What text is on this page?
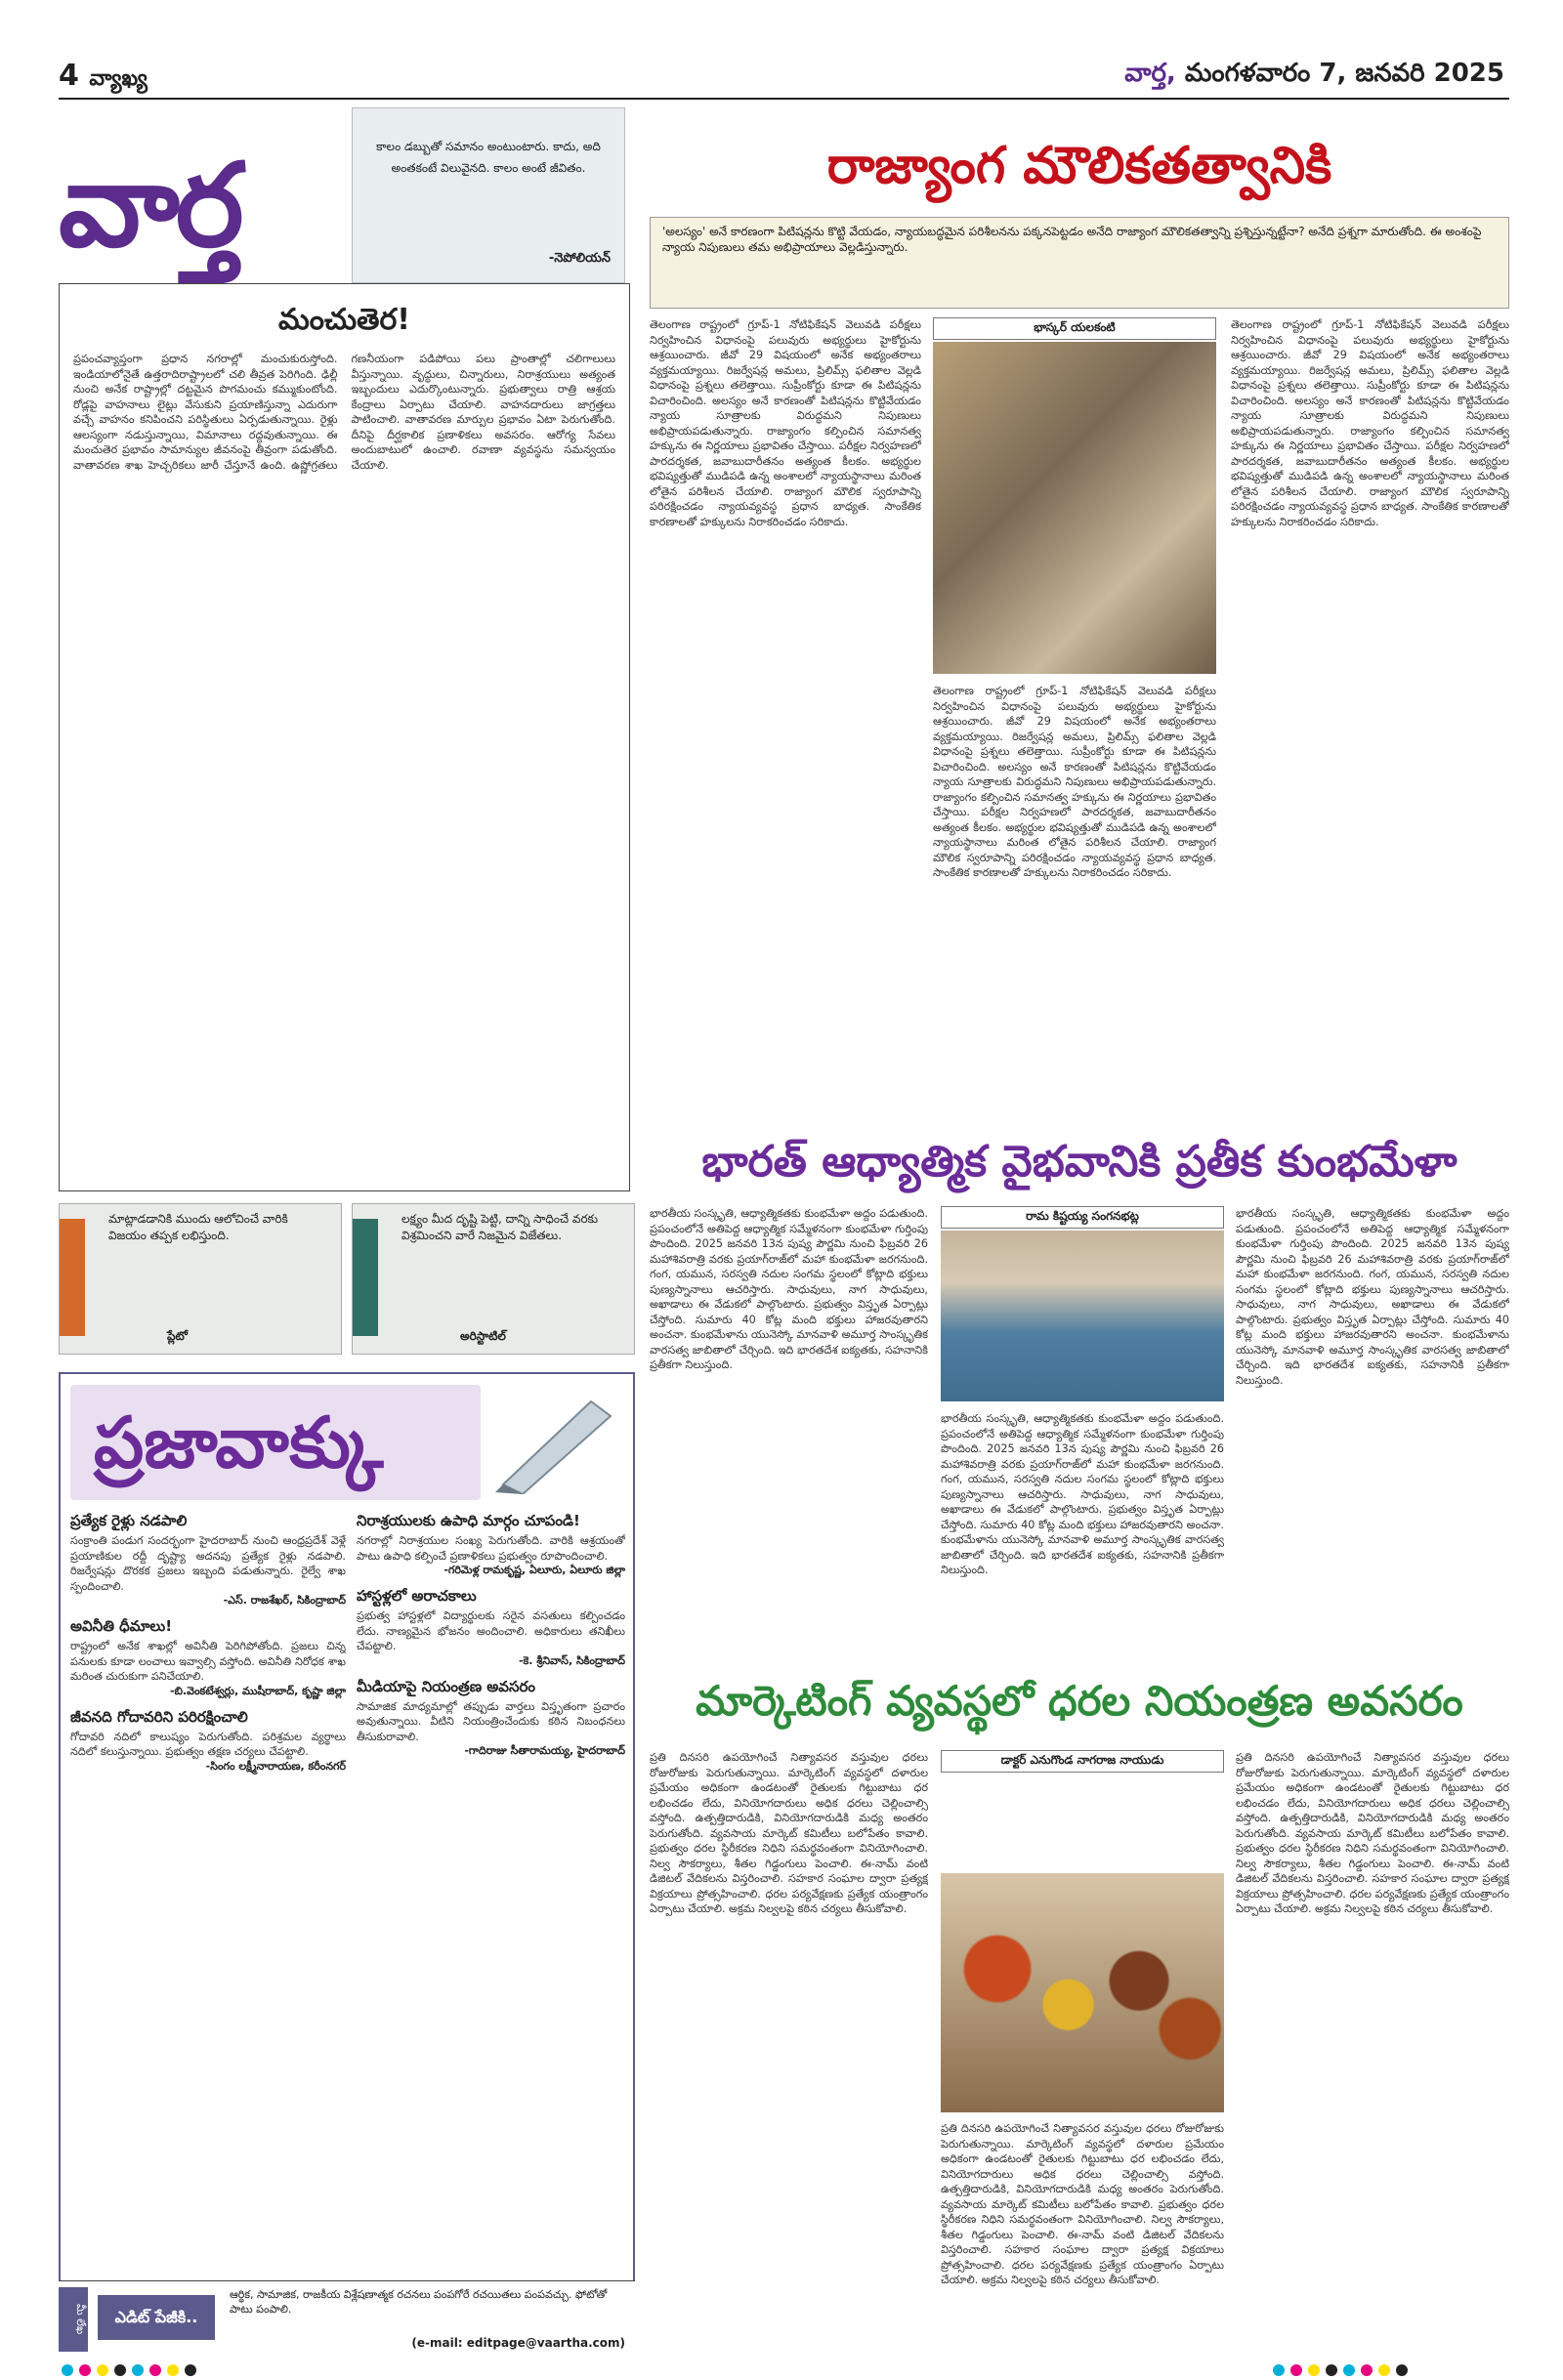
4 వ్యాఖ్య	వార్త, మంగళవారం 7, జనవరి 2025
వార్త	కాలం డబ్బుతో సమానం అంటుంటారు. కాదు, అది అంతకంటే విలువైనది. కాలం అంటే జీవితం.
-నెపోలియన్
రాజ్యాంగ మౌలికతత్వానికి
'అలస్యం' అనే కారణంగా పిటిషన్లను కొట్టి వేయడం, న్యాయబద్ధమైన పరిశీలనను పక్కనపెట్టడం అనేది రాజ్యాంగ మౌలికతత్వాన్ని ప్రశ్నిస్తున్నట్టేనా? అనేది ప్రశ్నగా మారుతోంది. ఈ అంశంపై న్యాయ నిపుణులు తమ అభిప్రాయాలు వెల్లడిస్తున్నారు.
మంచుతెర!
ప్రపంచవ్యాప్తంగా ప్రధాన నగరాల్లో మంచుకురుస్తోంది. ఇండియాలోనైతే ఉత్తరాదిరాష్ట్రాలలో చలి తీవ్రత పెరిగింది. ఢిల్లీ నుంచి అనేక రాష్ట్రాల్లో దట్టమైన పొగమంచు కమ్ముకుంటోంది. రోడ్లపై వాహనాలు లైట్లు వేసుకుని ప్రయాణిస్తున్నా ఎదురుగా వచ్చే వాహనం కనిపించని పరిస్థితులు ఏర్పడుతున్నాయి. రైళ్లు ఆలస్యంగా నడుస్తున్నాయి, విమానాలు రద్దవుతున్నాయి. ఈ మంచుతెర ప్రభావం సామాన్యుల జీవనంపై తీవ్రంగా పడుతోంది. వాతావరణ శాఖ హెచ్చరికలు జారీ చేస్తూనే ఉంది. ఉష్ణోగ్రతలు గణనీయంగా పడిపోయి పలు ప్రాంతాల్లో చలిగాలులు వీస్తున్నాయి. వృద్ధులు, చిన్నారులు, నిరాశ్రయులు అత్యంత ఇబ్బందులు ఎదుర్కొంటున్నారు. ప్రభుత్వాలు రాత్రి ఆశ్రయ కేంద్రాలు ఏర్పాటు చేయాలి. వాహనదారులు జాగ్రత్తలు పాటించాలి. వాతావరణ మార్పుల ప్రభావం ఏటా పెరుగుతోంది. దీనిపై దీర్ఘకాలిక ప్రణాళికలు అవసరం. ఆరోగ్య సేవలు అందుబాటులో ఉంచాలి. రవాణా వ్యవస్థను సమన్వయం చేయాలి.
తెలంగాణ రాష్ట్రంలో గ్రూప్-1 నోటిఫికేషన్ వెలువడి పరీక్షలు నిర్వహించిన విధానంపై పలువురు అభ్యర్థులు హైకోర్టును ఆశ్రయించారు. జీవో 29 విషయంలో అనేక అభ్యంతరాలు వ్యక్తమయ్యాయి. రిజర్వేషన్ల అమలు, ప్రిలిమ్స్ ఫలితాల వెల్లడి విధానంపై ప్రశ్నలు తలెత్తాయి. సుప్రీంకోర్టు కూడా ఈ పిటిషన్లను విచారించింది. అలస్యం అనే కారణంతో పిటిషన్లను కొట్టివేయడం న్యాయ సూత్రాలకు విరుద్ధమని నిపుణులు అభిప్రాయపడుతున్నారు. రాజ్యాంగం కల్పించిన సమానత్వ హక్కును ఈ నిర్ణయాలు ప్రభావితం చేస్తాయి. పరీక్షల నిర్వహణలో పారదర్శకత, జవాబుదారీతనం అత్యంత కీలకం. అభ్యర్థుల భవిష్యత్తుతో ముడిపడి ఉన్న అంశాలలో న్యాయస్థానాలు మరింత లోతైన పరిశీలన చేయాలి. రాజ్యాంగ మౌలిక స్వరూపాన్ని పరిరక్షించడం న్యాయవ్యవస్థ ప్రధాన బాధ్యత. సాంకేతిక కారణాలతో హక్కులను నిరాకరించడం సరికాదు.
భాస్కర్ యలకంటి
తెలంగాణ రాష్ట్రంలో గ్రూప్-1 నోటిఫికేషన్ వెలువడి పరీక్షలు నిర్వహించిన విధానంపై పలువురు అభ్యర్థులు హైకోర్టును ఆశ్రయించారు. జీవో 29 విషయంలో అనేక అభ్యంతరాలు వ్యక్తమయ్యాయి. రిజర్వేషన్ల అమలు, ప్రిలిమ్స్ ఫలితాల వెల్లడి విధానంపై ప్రశ్నలు తలెత్తాయి. సుప్రీంకోర్టు కూడా ఈ పిటిషన్లను విచారించింది. అలస్యం అనే కారణంతో పిటిషన్లను కొట్టివేయడం న్యాయ సూత్రాలకు విరుద్ధమని నిపుణులు అభిప్రాయపడుతున్నారు. రాజ్యాంగం కల్పించిన సమానత్వ హక్కును ఈ నిర్ణయాలు ప్రభావితం చేస్తాయి. పరీక్షల నిర్వహణలో పారదర్శకత, జవాబుదారీతనం అత్యంత కీలకం. అభ్యర్థుల భవిష్యత్తుతో ముడిపడి ఉన్న అంశాలలో న్యాయస్థానాలు మరింత లోతైన పరిశీలన చేయాలి. రాజ్యాంగ మౌలిక స్వరూపాన్ని పరిరక్షించడం న్యాయవ్యవస్థ ప్రధాన బాధ్యత. సాంకేతిక కారణాలతో హక్కులను నిరాకరించడం సరికాదు.
తెలంగాణ రాష్ట్రంలో గ్రూప్-1 నోటిఫికేషన్ వెలువడి పరీక్షలు నిర్వహించిన విధానంపై పలువురు అభ్యర్థులు హైకోర్టును ఆశ్రయించారు. జీవో 29 విషయంలో అనేక అభ్యంతరాలు వ్యక్తమయ్యాయి. రిజర్వేషన్ల అమలు, ప్రిలిమ్స్ ఫలితాల వెల్లడి విధానంపై ప్రశ్నలు తలెత్తాయి. సుప్రీంకోర్టు కూడా ఈ పిటిషన్లను విచారించింది. అలస్యం అనే కారణంతో పిటిషన్లను కొట్టివేయడం న్యాయ సూత్రాలకు విరుద్ధమని నిపుణులు అభిప్రాయపడుతున్నారు. రాజ్యాంగం కల్పించిన సమానత్వ హక్కును ఈ నిర్ణయాలు ప్రభావితం చేస్తాయి. పరీక్షల నిర్వహణలో పారదర్శకత, జవాబుదారీతనం అత్యంత కీలకం. అభ్యర్థుల భవిష్యత్తుతో ముడిపడి ఉన్న అంశాలలో న్యాయస్థానాలు మరింత లోతైన పరిశీలన చేయాలి. రాజ్యాంగ మౌలిక స్వరూపాన్ని పరిరక్షించడం న్యాయవ్యవస్థ ప్రధాన బాధ్యత. సాంకేతిక కారణాలతో హక్కులను నిరాకరించడం సరికాదు.
భారత్ ఆధ్యాత్మిక వైభవానికి ప్రతీక కుంభమేళా
భారతీయ సంస్కృతి, ఆధ్యాత్మికతకు కుంభమేళా అద్దం పడుతుంది. ప్రపంచంలోనే అతిపెద్ద ఆధ్యాత్మిక సమ్మేళనంగా కుంభమేళా గుర్తింపు పొందింది. 2025 జనవరి 13న పుష్య పౌర్ణమి నుంచి ఫిబ్రవరి 26 మహాశివరాత్రి వరకు ప్రయాగ్‌రాజ్‌లో మహా కుంభమేళా జరగనుంది. గంగ, యమున, సరస్వతి నదుల సంగమ స్థలంలో కోట్లాది భక్తులు పుణ్యస్నానాలు ఆచరిస్తారు. సాధువులు, నాగ సాధువులు, అఖాడాలు ఈ వేడుకలో పాల్గొంటారు. ప్రభుత్వం విస్తృత ఏర్పాట్లు చేస్తోంది. సుమారు 40 కోట్ల మంది భక్తులు హాజరవుతారని అంచనా. కుంభమేళాను యునెస్కో మానవాళి అమూర్త సాంస్కృతిక వారసత్వ జాబితాలో చేర్చింది. ఇది భారతదేశ ఐక్యతకు, సహనానికి ప్రతీకగా నిలుస్తుంది.
రామ కిష్టయ్య సంగనభట్ల
భారతీయ సంస్కృతి, ఆధ్యాత్మికతకు కుంభమేళా అద్దం పడుతుంది. ప్రపంచంలోనే అతిపెద్ద ఆధ్యాత్మిక సమ్మేళనంగా కుంభమేళా గుర్తింపు పొందింది. 2025 జనవరి 13న పుష్య పౌర్ణమి నుంచి ఫిబ్రవరి 26 మహాశివరాత్రి వరకు ప్రయాగ్‌రాజ్‌లో మహా కుంభమేళా జరగనుంది. గంగ, యమున, సరస్వతి నదుల సంగమ స్థలంలో కోట్లాది భక్తులు పుణ్యస్నానాలు ఆచరిస్తారు. సాధువులు, నాగ సాధువులు, అఖాడాలు ఈ వేడుకలో పాల్గొంటారు. ప్రభుత్వం విస్తృత ఏర్పాట్లు చేస్తోంది. సుమారు 40 కోట్ల మంది భక్తులు హాజరవుతారని అంచనా. కుంభమేళాను యునెస్కో మానవాళి అమూర్త సాంస్కృతిక వారసత్వ జాబితాలో చేర్చింది. ఇది భారతదేశ ఐక్యతకు, సహనానికి ప్రతీకగా నిలుస్తుంది.
భారతీయ సంస్కృతి, ఆధ్యాత్మికతకు కుంభమేళా అద్దం పడుతుంది. ప్రపంచంలోనే అతిపెద్ద ఆధ్యాత్మిక సమ్మేళనంగా కుంభమేళా గుర్తింపు పొందింది. 2025 జనవరి 13న పుష్య పౌర్ణమి నుంచి ఫిబ్రవరి 26 మహాశివరాత్రి వరకు ప్రయాగ్‌రాజ్‌లో మహా కుంభమేళా జరగనుంది. గంగ, యమున, సరస్వతి నదుల సంగమ స్థలంలో కోట్లాది భక్తులు పుణ్యస్నానాలు ఆచరిస్తారు. సాధువులు, నాగ సాధువులు, అఖాడాలు ఈ వేడుకలో పాల్గొంటారు. ప్రభుత్వం విస్తృత ఏర్పాట్లు చేస్తోంది. సుమారు 40 కోట్ల మంది భక్తులు హాజరవుతారని అంచనా. కుంభమేళాను యునెస్కో మానవాళి అమూర్త సాంస్కృతిక వారసత్వ జాబితాలో చేర్చింది. ఇది భారతదేశ ఐక్యతకు, సహనానికి ప్రతీకగా నిలుస్తుంది.
మార్కెటింగ్ వ్యవస్థలో ధరల నియంత్రణ అవసరం
ప్రతి దినసరి ఉపయోగించే నిత్యావసర వస్తువుల ధరలు రోజురోజుకు పెరుగుతున్నాయి. మార్కెటింగ్ వ్యవస్థలో దళారుల ప్రమేయం అధికంగా ఉండటంతో రైతులకు గిట్టుబాటు ధర లభించడం లేదు, వినియోగదారులు అధిక ధరలు చెల్లించాల్సి వస్తోంది. ఉత్పత్తిదారుడికి, వినియోగదారుడికి మధ్య అంతరం పెరుగుతోంది. వ్యవసాయ మార్కెట్ కమిటీలు బలోపేతం కావాలి. ప్రభుత్వం ధరల స్థిరీకరణ నిధిని సమర్థవంతంగా వినియోగించాలి. నిల్వ సౌకర్యాలు, శీతల గిడ్డంగులు పెంచాలి. ఈ-నామ్ వంటి డిజిటల్ వేదికలను విస్తరించాలి. సహకార సంఘాల ద్వారా ప్రత్యక్ష విక్రయాలు ప్రోత్సహించాలి. ధరల పర్యవేక్షణకు ప్రత్యేక యంత్రాంగం ఏర్పాటు చేయాలి. అక్రమ నిల్వలపై కఠిన చర్యలు తీసుకోవాలి.
డాక్టర్ ఎనుగొండ నాగరాజ నాయుడు
ప్రతి దినసరి ఉపయోగించే నిత్యావసర వస్తువుల ధరలు రోజురోజుకు పెరుగుతున్నాయి. మార్కెటింగ్ వ్యవస్థలో దళారుల ప్రమేయం అధికంగా ఉండటంతో రైతులకు గిట్టుబాటు ధర లభించడం లేదు, వినియోగదారులు అధిక ధరలు చెల్లించాల్సి వస్తోంది. ఉత్పత్తిదారుడికి, వినియోగదారుడికి మధ్య అంతరం పెరుగుతోంది. వ్యవసాయ మార్కెట్ కమిటీలు బలోపేతం కావాలి. ప్రభుత్వం ధరల స్థిరీకరణ నిధిని సమర్థవంతంగా వినియోగించాలి. నిల్వ సౌకర్యాలు, శీతల గిడ్డంగులు పెంచాలి. ఈ-నామ్ వంటి డిజిటల్ వేదికలను విస్తరించాలి. సహకార సంఘాల ద్వారా ప్రత్యక్ష విక్రయాలు ప్రోత్సహించాలి. ధరల పర్యవేక్షణకు ప్రత్యేక యంత్రాంగం ఏర్పాటు చేయాలి. అక్రమ నిల్వలపై కఠిన చర్యలు తీసుకోవాలి.
ప్రతి దినసరి ఉపయోగించే నిత్యావసర వస్తువుల ధరలు రోజురోజుకు పెరుగుతున్నాయి. మార్కెటింగ్ వ్యవస్థలో దళారుల ప్రమేయం అధికంగా ఉండటంతో రైతులకు గిట్టుబాటు ధర లభించడం లేదు, వినియోగదారులు అధిక ధరలు చెల్లించాల్సి వస్తోంది. ఉత్పత్తిదారుడికి, వినియోగదారుడికి మధ్య అంతరం పెరుగుతోంది. వ్యవసాయ మార్కెట్ కమిటీలు బలోపేతం కావాలి. ప్రభుత్వం ధరల స్థిరీకరణ నిధిని సమర్థవంతంగా వినియోగించాలి. నిల్వ సౌకర్యాలు, శీతల గిడ్డంగులు పెంచాలి. ఈ-నామ్ వంటి డిజిటల్ వేదికలను విస్తరించాలి. సహకార సంఘాల ద్వారా ప్రత్యక్ష విక్రయాలు ప్రోత్సహించాలి. ధరల పర్యవేక్షణకు ప్రత్యేక యంత్రాంగం ఏర్పాటు చేయాలి. అక్రమ నిల్వలపై కఠిన చర్యలు తీసుకోవాలి.
మాట్లాడడానికి ముందు ఆలోచించే వారికి విజయం తప్పక లభిస్తుంది.
ప్లేటో
లక్ష్యం మీద దృష్టి పెట్టి, దాన్ని సాధించే వరకు విశ్రమించని వారే నిజమైన విజేతలు.
అరిస్టాటిల్
ప్రజావాక్కు
ప్రత్యేక రైళ్లు నడపాలి
సంక్రాంతి పండుగ సందర్భంగా హైదరాబాద్ నుంచి ఆంధ్రప్రదేశ్ వెళ్లే ప్రయాణికుల రద్దీ దృష్ట్యా అదనపు ప్రత్యేక రైళ్లు నడపాలి. రిజర్వేషన్లు దొరకక ప్రజలు ఇబ్బంది పడుతున్నారు. రైల్వే శాఖ స్పందించాలి.
-ఎస్. రాజశేఖర్, సికింద్రాబాద్
అవినీతి ధీమాలు!
రాష్ట్రంలో అనేక శాఖల్లో అవినీతి పెరిగిపోతోంది. ప్రజలు చిన్న పనులకు కూడా లంచాలు ఇవ్వాల్సి వస్తోంది. అవినీతి నిరోధక శాఖ మరింత చురుకుగా పనిచేయాలి.
-బి.వెంకటేశ్వర్లు, ముషీరాబాద్, కృష్ణా జిల్లా
జీవనది గోదావరిని పరిరక్షించాలి
గోదావరి నదిలో కాలుష్యం పెరుగుతోంది. పరిశ్రమల వ్యర్థాలు నదిలో కలుస్తున్నాయి. ప్రభుత్వం తక్షణ చర్యలు చేపట్టాలి.
-సింగం లక్ష్మీనారాయణ, కరీంనగర్
నిరాశ్రయులకు ఉపాధి మార్గం చూపండి!
నగరాల్లో నిరాశ్రయుల సంఖ్య పెరుగుతోంది. వారికి ఆశ్రయంతో పాటు ఉపాధి కల్పించే ప్రణాళికలు ప్రభుత్వం రూపొందించాలి.
-గరిమెళ్ల రామకృష్ణ, ఏలూరు, ఏలూరు జిల్లా
హాస్టళ్లలో అరాచకాలు
ప్రభుత్వ హాస్టళ్లలో విద్యార్థులకు సరైన వసతులు కల్పించడం లేదు. నాణ్యమైన భోజనం అందించాలి. అధికారులు తనిఖీలు చేపట్టాలి.
-కె. శ్రీనివాస్, సికింద్రాబాద్
మీడియాపై నియంత్రణ అవసరం
సామాజిక మాధ్యమాల్లో తప్పుడు వార్తలు విస్తృతంగా ప్రచారం అవుతున్నాయి. వీటిని నియంత్రించేందుకు కఠిన నిబంధనలు తీసుకురావాలి.
-గాదిరాజు సీతారామయ్య, హైదరాబాద్
మీ లేఖ	ఎడిట్ పేజీకి..
ఆర్థిక, సామాజిక, రాజకీయ విశ్లేషణాత్మక రచనలు పంపగోరే రచయితలు పంపవచ్చు. ఫోటోతో పాటు పంపాలి.
(e-mail: editpage@vaartha.com)
